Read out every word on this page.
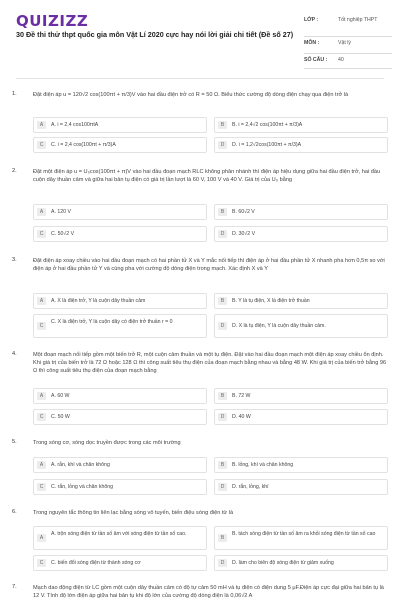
QUIZIZZ
30 Đề thi thử thpt quốc gia môn Vật Lí 2020 cực hay nói lời giải chi tiết (Đề số 27)
LỚP :	Tốt nghiệp THPT
MÔN :	Vật lý
SỐ CÂU : 40
1.	Đặt điện áp u = 120√2 cos(100πt + π/3)V vào hai đầu điện trở có R = 50 Ω. Biểu thức cường độ dòng điện chạy qua điện trở là
A	A. i = 2,4 cos100πtA	B	B. i = 2,4√2 cos(100πt + π/3)A
C	C. i = 2,4 cos(100πt + π/3)A	D	D. i = 1,2√2cos(100πt + π/3)A
2.	Đặt một điện áp u = U₀cos(100πt + π)V vào hai đầu đoạn mạch RLC không phân nhánh thì điện áp hiệu dụng giữa hai đầu điện trở, hai đầu cuộn dây thuần cảm và giữa hai bản tụ điện có giá trị lần lượt là 60 V, 100 V và 40 V. Giá trị của U₀ bằng
A	A. 120 V	B	B. 60√2 V
C	C. 50√2 V	D	D. 30√2 V
3.	Đặt điện áp xoay chiều vào hai đầu đoạn mạch có hai phần tử X và Y mắc nối tiếp thì điện áp ở hai đầu phần tử X nhanh pha hơn 0,5π so với điện áp ở hai đầu phần tử Y và cùng pha với cường độ dòng điện trong mạch. Xác định X và Y
A	A. X là điện trở, Y là cuộn dây thuần cảm	B	B. Y là tụ điện, X là điện trở thuần
C
C. X là điện trở, Y là cuộn dây có điện trở thuần r = 0
D	D. X là tụ điện, Y là cuộn dây thuần cảm.
4.	Một đoạn mạch nối tiếp gồm một biến trở R, một cuộn cảm thuần và một tụ điện. Đặt vào hai đầu đoạn mạch một điện áp xoay chiều ổn định. Khi giá trị của biến trở là 72 Ω hoặc 128 Ω thì công suất tiêu thụ điện của đoạn mạch bằng nhau và bằng 48 W. Khi giá trị của biến trở bằng 96 Ω thì công suất tiêu thụ điện của đoạn mạch bằng
A	A. 60 W	B	B. 72 W
C	C. 50 W	D	D. 40 W
5.	Trong sóng cơ, sóng dọc truyền được trong các môi trường
A	A. rắn, khí và chân không	B	B. lỏng, khí và chân không
C	C. rắn, lỏng và chân không	D	D. rắn, lỏng, khí
6.	Trong nguyên tắc thông tin liên lạc bằng sóng vô tuyến, biến điệu sóng điện từ là
A
A. trộn sóng điện từ tần số âm với sóng điện từ tần số cao.
B
B. tách sóng điện từ tần số âm ra khỏi sóng điện từ tần số cao
C	C. biến đổi sóng điện từ thành sóng cơ	D	D. làm cho biên độ sóng điện từ giảm xuống
7.	Mạch dao động điện từ LC gồm một cuộn dây thuần cảm có độ tự cảm 50 mH và tụ điện có điện dung 5 μF.Điện áp cực đại giữa hai bản tụ là 12 V. Tính độ lớn điện áp giữa hai bản tụ khi độ lớn của cường độ dòng điện là 0,06√2 A
